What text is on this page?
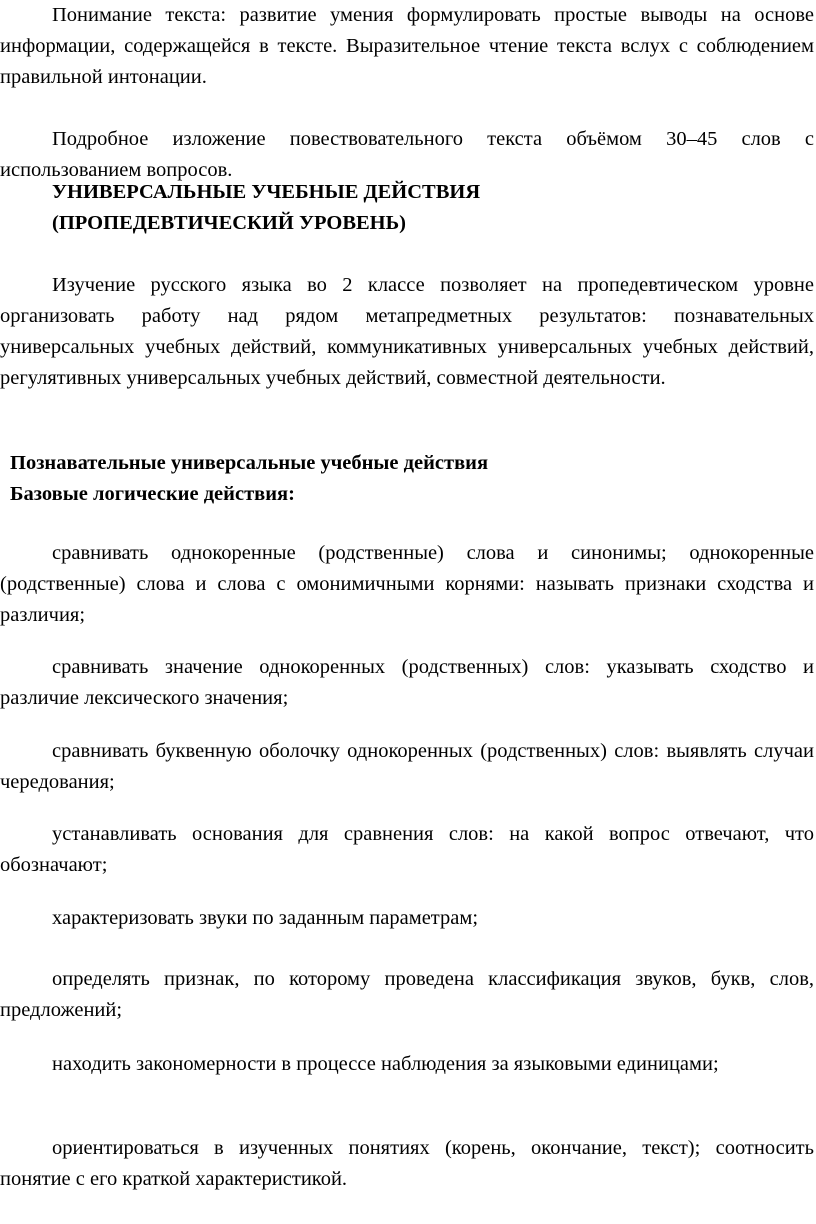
Понимание текста: развитие умения формулировать простые выводы на основе информации, содержащейся в тексте. Выразительное чтение текста вслух с соблюдением правильной интонации.

Подробное изложение повествовательного текста объёмом 30–45 слов с использованием вопросов.

УНИВЕРСАЛЬНЫЕ УЧЕБНЫЕ ДЕЙСТВИЯ

(ПРОПЕДЕВТИЧЕСКИЙ УРОВЕНЬ)

Изучение русского языка во 2 классе позволяет на пропедевтическом уровне организовать работу над рядом метапредметных результатов: познавательных универсальных учебных действий, коммуникативных универсальных учебных действий, регулятивных универсальных учебных действий, совместной деятельности.

Познавательные универсальные учебные действия

Базовые логические действия:

сравнивать однокоренные (родственные) слова и синонимы; однокоренные (родственные) слова и слова с омонимичными корнями: называть признаки сходства и различия;

сравнивать значение однокоренных (родственных) слов: указывать сходство и различие лексического значения;

сравнивать буквенную оболочку однокоренных (родственных) слов: выявлять случаи чередования;

устанавливать основания для сравнения слов: на какой вопрос отвечают, что обозначают;

характеризовать звуки по заданным параметрам;

определять признак, по которому проведена классификация звуков, букв, слов, предложений;

находить закономерности в процессе наблюдения за языковыми единицами;

ориентироваться в изученных понятиях (корень, окончание, текст); соотносить понятие с его краткой характеристикой.
